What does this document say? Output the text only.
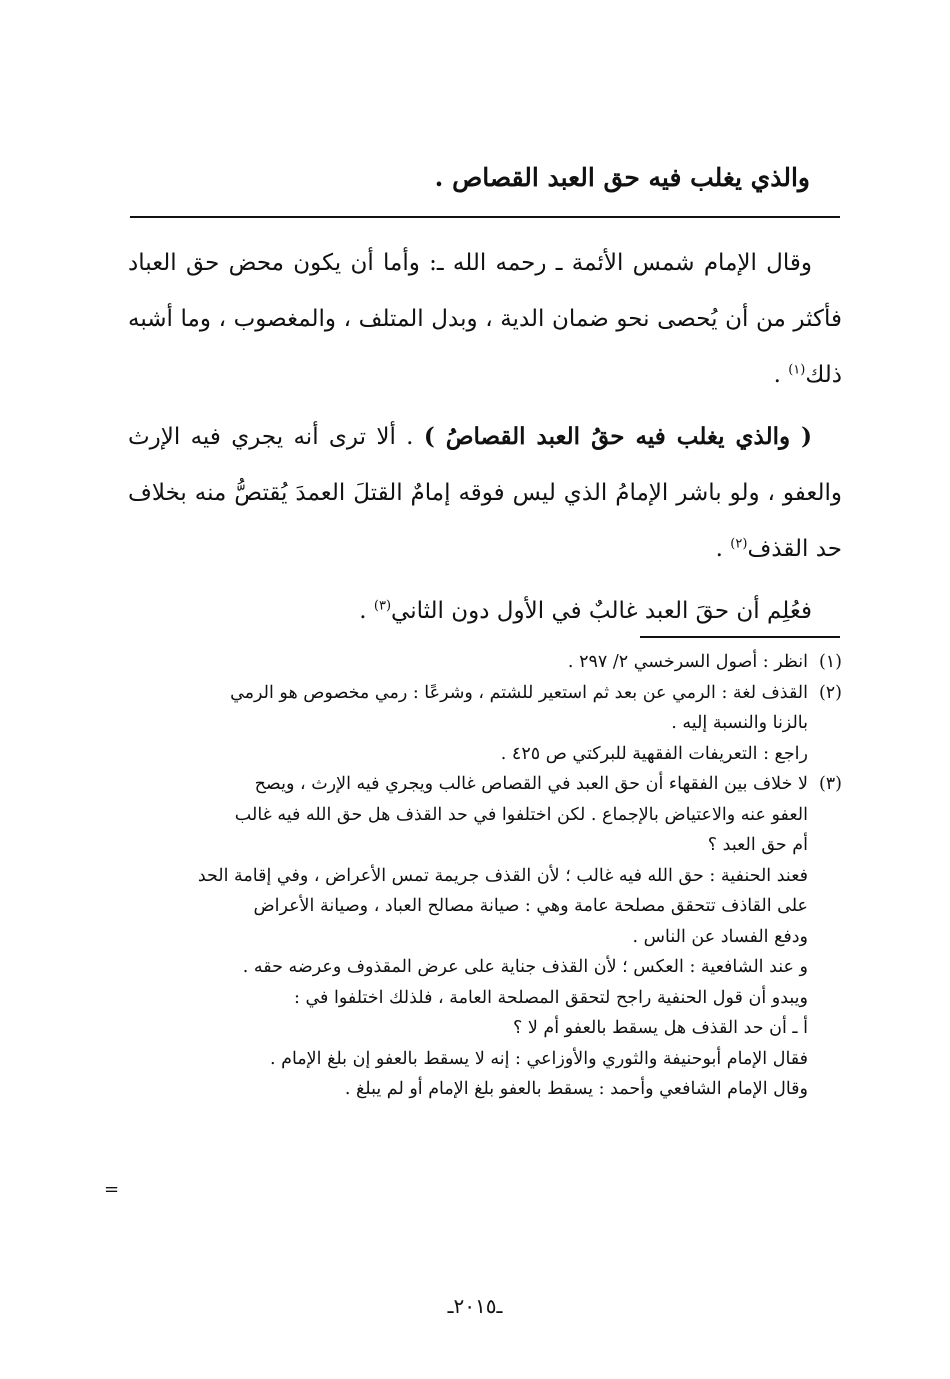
والذي يغلب فيه حق العبد القصاص .

وقال الإمام شمس الأئمة ـ رحمه الله ـ: وأما أن يكون محض حق العباد فأكثر من أن يُحصى نحو ضمان الدية ، وبدل المتلف ، والمغصوب ، وما أشبه ذلك$^{(١)}$ .

( والذي يغلب فيه حقُ العبد القصاصُ ) . ألا ترى أنه يجري فيه الإرث والعفو ، ولو باشر الإمامُ الذي ليس فوقه إمامٌ القتلَ العمدَ يُقتصُّ منه بخلاف حد القذف$^{(٢)}$ .

فعُلِم أن حقَ العبد غالبٌ في الأول دون الثاني$^{(٣)}$ .

(١)
انظر : أصول السرخسي ٢/ ٢٩٧ .
(٢)
القذف لغة : الرمي عن بعد ثم استعير للشتم ، وشرعًا : رمي مخصوص هو الرمي
بالزنا والنسبة إليه .
راجع : التعريفات الفقهية للبركتي ص ٤٢٥ .
(٣)
لا خلاف بين الفقهاء أن حق العبد في القصاص غالب ويجري فيه الإرث ، ويصح
العفو عنه والاعتياض بالإجماع . لكن اختلفوا في حد القذف هل حق الله فيه غالب
أم حق العبد ؟
فعند الحنفية : حق الله فيه غالب ؛ لأن القذف جريمة تمس الأعراض ، وفي إقامة الحد
على القاذف تتحقق مصلحة عامة وهي : صيانة مصالح العباد ، وصيانة الأعراض
ودفع الفساد عن الناس .
و عند الشافعية : العكس ؛ لأن القذف جناية على عرض المقذوف وعرضه حقه .
ويبدو أن قول الحنفية راجح لتحقق المصلحة العامة ، فلذلك اختلفوا في :
أ ـ أن حد القذف هل يسقط بالعفو أم لا ؟
فقال الإمام أبوحنيفة والثوري والأوزاعي : إنه لا يسقط بالعفو إن بلغ الإمام .
وقال الإمام الشافعي وأحمد : يسقط بالعفو بلغ الإمام أو لم يبلغ .
=
ـ٢٠١٥ـ
